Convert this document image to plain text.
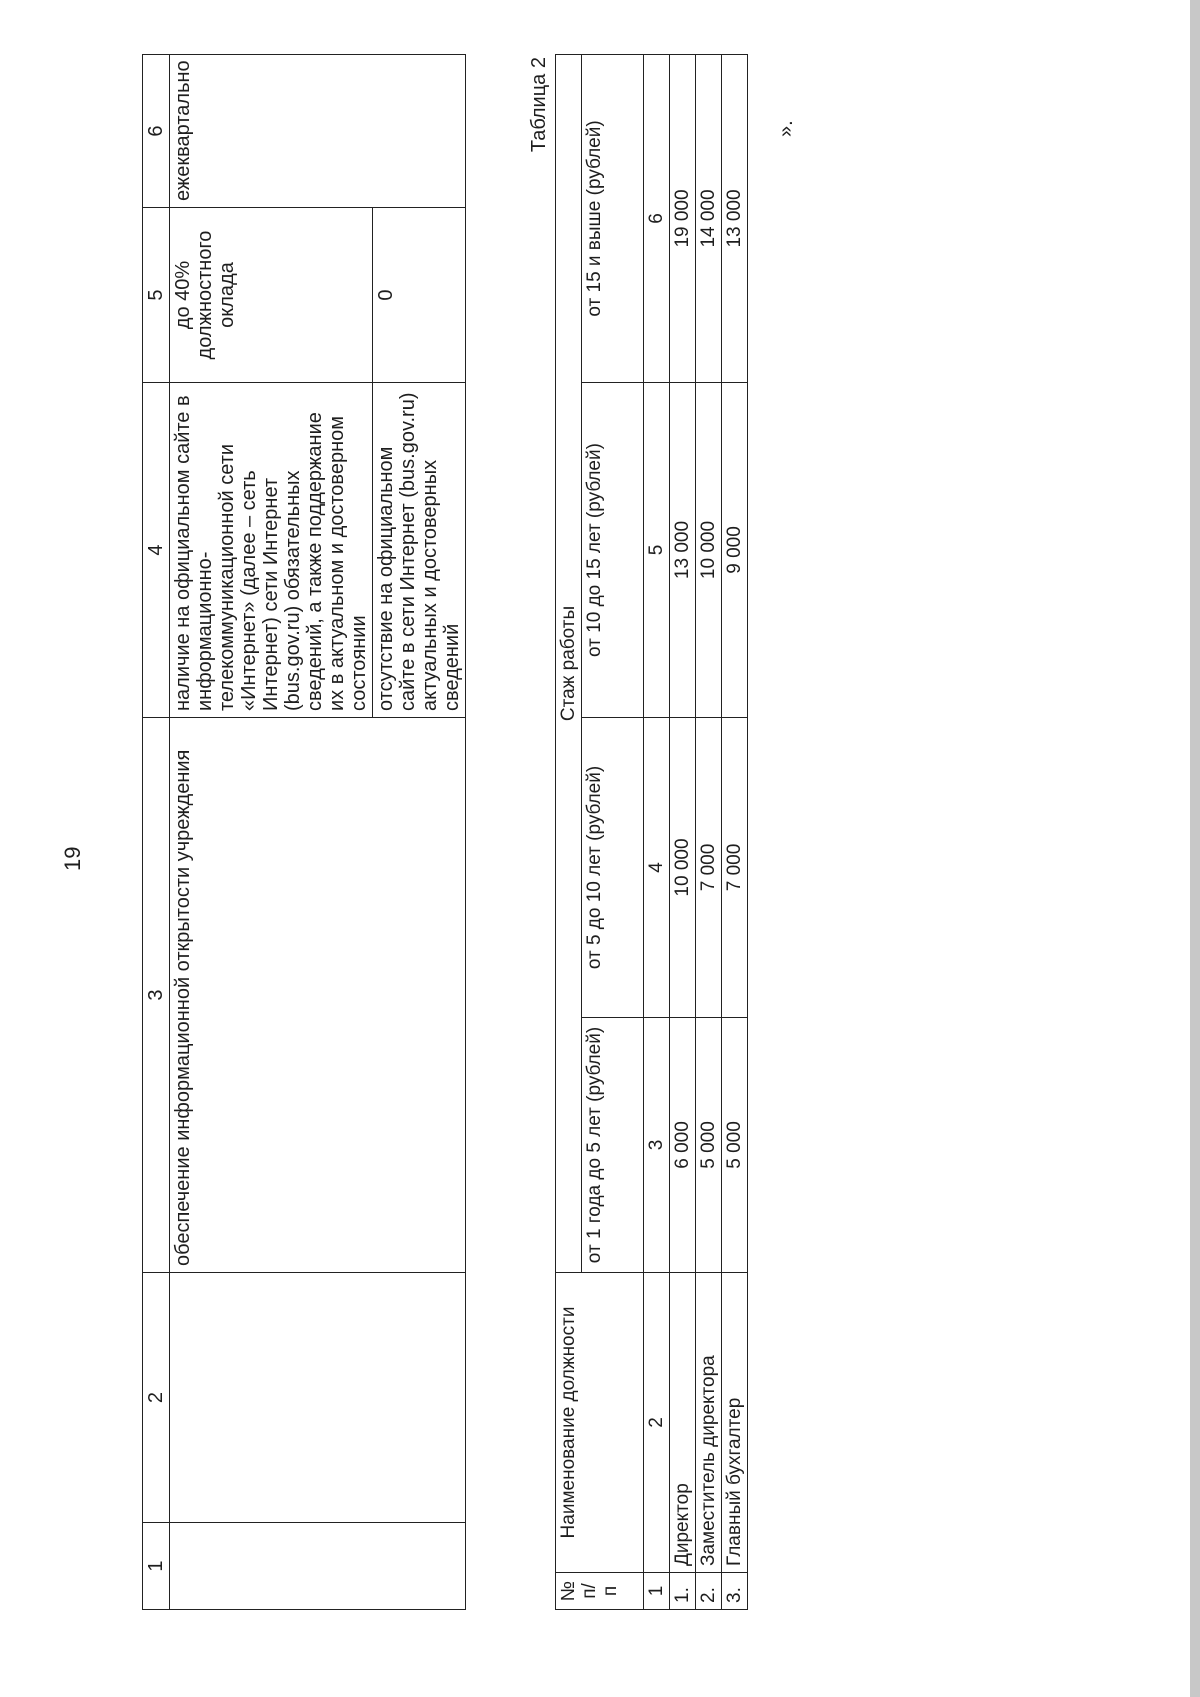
19
1	2	3	4	5	6
		обеспечение информационной открытости учреждения	наличие на официальном сайте в информационно-телекоммуникационной сети «Интернет» (далее – сеть Интернет) сети Интернет (bus.gov.ru) обязательных сведений, а также поддержание их в актуальном и достоверном состоянии	до 40% должностного оклада	ежеквартально
			отсутствие на официальном сайте в сети Интернет (bus.gov.ru) актуальных и достоверных сведений	0	
Таблица 2
№ п/п	Наименование должности	Стаж работы			
		от 1 года до 5 лет (рублей)	от 5 до 10 лет (рублей)	от 10 до 15 лет (рублей)	от 15 и выше (рублей)
1	2	3	4	5	6
1.	Директор	6 000	10 000	13 000	19 000
2.	Заместитель директора	5 000	7 000	10 000	14 000
3.	Главный бухгалтер	5 000	7 000	9 000	13 000
».
